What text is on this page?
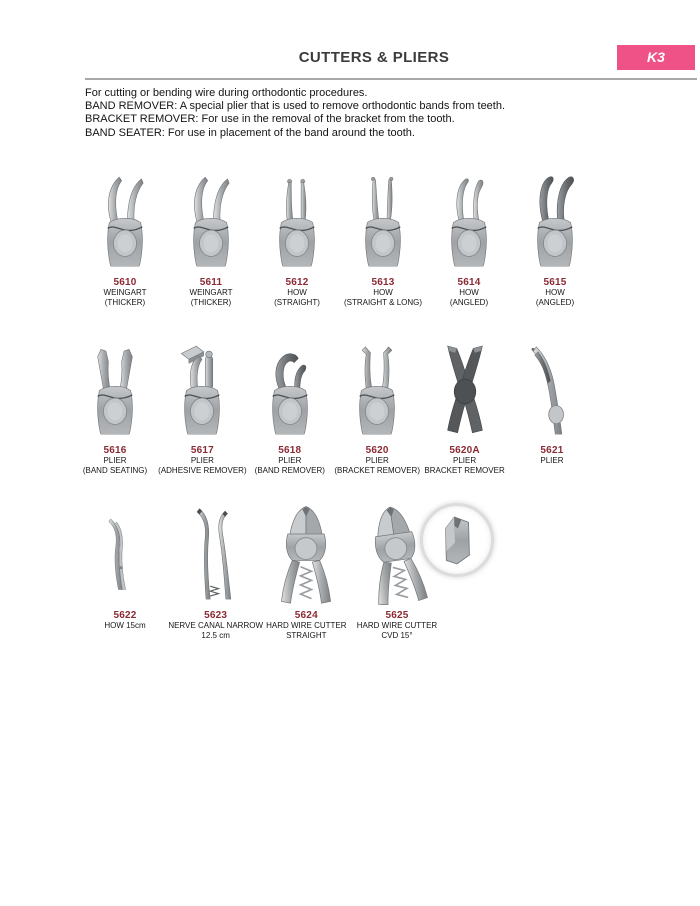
CUTTERS & PLIERS	K3
For cutting or bending wire during orthodontic procedures.
BAND REMOVER: A special plier that is used to remove orthodontic bands from teeth.
BRACKET REMOVER: For use in the removal of the bracket from the tooth.
BAND SEATER: For use in placement of the band around the tooth.
5610
WEINGART
(THICKER)
5611
WEINGART
(THICKER)
5612
HOW
(STRAIGHT)
5613
HOW
(STRAIGHT & LONG)
5614
HOW
(ANGLED)
5615
HOW
(ANGLED)
5616
PLIER
(BAND SEATING)
5617
PLIER
(ADHESIVE REMOVER)
5618
PLIER
(BAND REMOVER)
5620
PLIER
(BRACKET REMOVER)
5620A
PLIER
BRACKET REMOVER
5621
PLIER
5622
HOW 15cm
5623
NERVE CANAL NARROW
12.5 cm
5624
HARD WIRE CUTTER
STRAIGHT
5625
HARD WIRE CUTTER
CVD 15°
